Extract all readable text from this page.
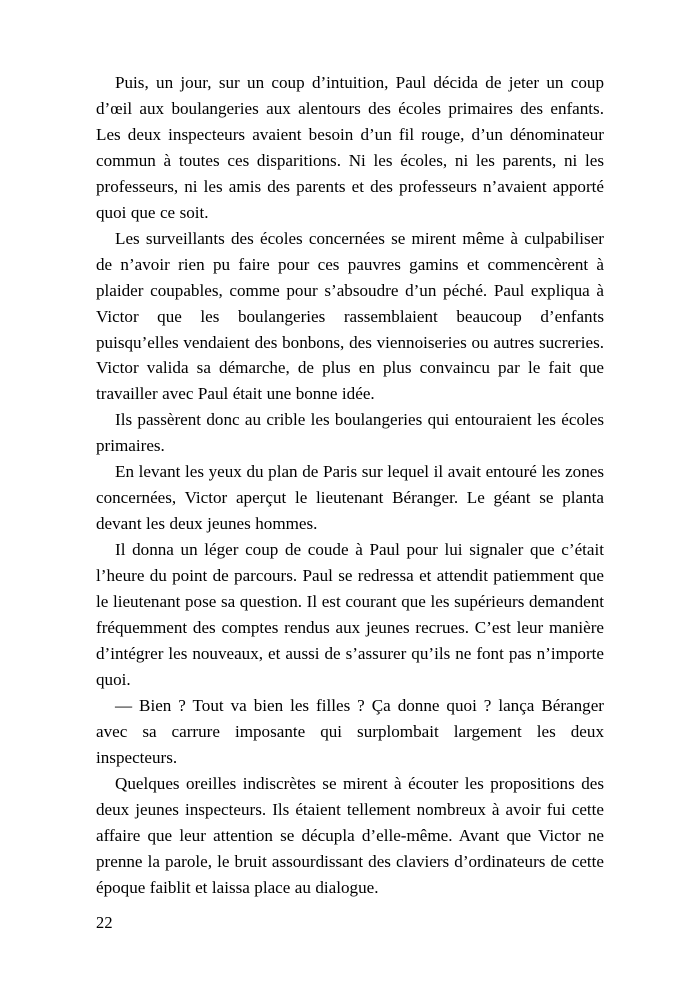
Puis, un jour, sur un coup d’intuition, Paul décida de jeter un coup d’œil aux boulangeries aux alentours des écoles primaires des enfants. Les deux inspecteurs avaient besoin d’un fil rouge, d’un dénominateur commun à toutes ces disparitions. Ni les écoles, ni les parents, ni les professeurs, ni les amis des parents et des professeurs n’avaient apporté quoi que ce soit.

Les surveillants des écoles concernées se mirent même à culpabiliser de n’avoir rien pu faire pour ces pauvres gamins et commencèrent à plaider coupables, comme pour s’absoudre d’un péché. Paul expliqua à Victor que les boulangeries rassemblaient beaucoup d’enfants puisqu’elles vendaient des bonbons, des viennoiseries ou autres sucreries. Victor valida sa démarche, de plus en plus convaincu par le fait que travailler avec Paul était une bonne idée.

Ils passèrent donc au crible les boulangeries qui entouraient les écoles primaires.

En levant les yeux du plan de Paris sur lequel il avait entouré les zones concernées, Victor aperçut le lieutenant Béranger. Le géant se planta devant les deux jeunes hommes.

Il donna un léger coup de coude à Paul pour lui signaler que c’était l’heure du point de parcours. Paul se redressa et attendit patiemment que le lieutenant pose sa question. Il est courant que les supérieurs demandent fréquemment des comptes rendus aux jeunes recrues. C’est leur manière d’intégrer les nouveaux, et aussi de s’assurer qu’ils ne font pas n’importe quoi.

— Bien ? Tout va bien les filles ? Ça donne quoi ? lança Béranger avec sa carrure imposante qui surplombait largement les deux inspecteurs.

Quelques oreilles indiscrètes se mirent à écouter les propositions des deux jeunes inspecteurs. Ils étaient tellement nombreux à avoir fui cette affaire que leur attention se décupla d’elle-même. Avant que Victor ne prenne la parole, le bruit assourdissant des claviers d’ordinateurs de cette époque faiblit et laissa place au dialogue.

22
